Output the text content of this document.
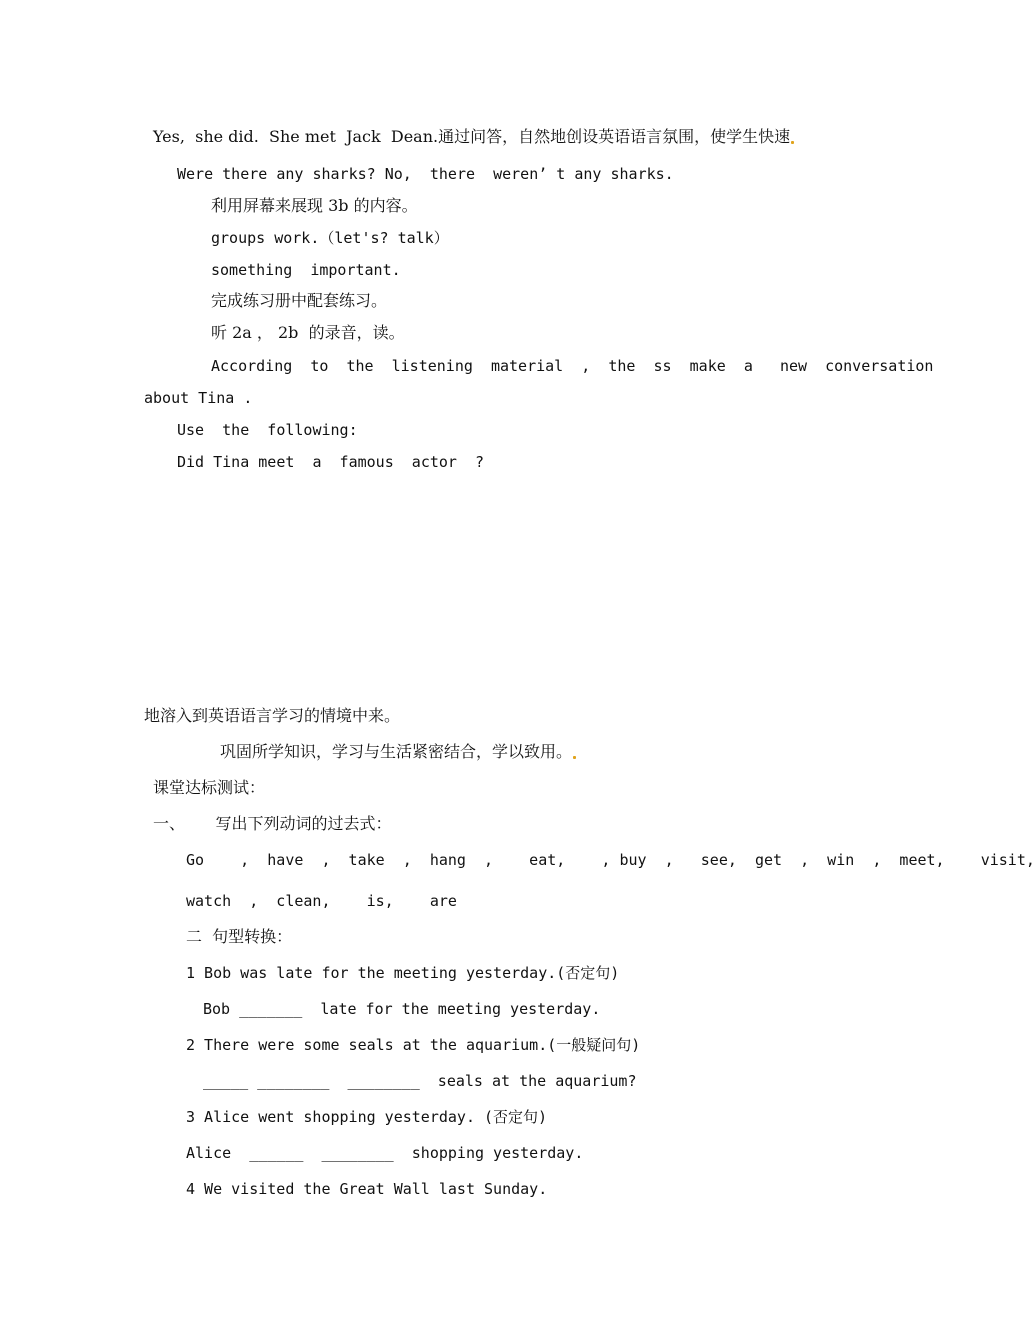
Yes,  she did.  She met  Jack  Dean.通过问答，自然地创设英语语言氛围，使学生快速
Were there any sharks? No,  there  weren’ t any sharks.
利用屏幕来展现 3b 的内容。
groups work.（let's? talk）
something  important.
完成练习册中配套练习。
听 2a ， 2b  的录音，读。
According  to  the  listening  material  ,  the  ss  make  a   new  conversation
about Tina .
Use  the  following:
Did Tina meet  a  famous  actor  ?
地溶入到英语语言学习的情境中来。
巩固所学知识，学习与生活紧密结合，学以致用。
课堂达标测试：
一、      写出下列动词的过去式：
Go    ,  have  ,  take  ,  hang  ,    eat,    , buy  ,   see,  get  ,  win  ,  meet,    visit,
watch  ,  clean,    is,    are
二  句型转换：
1 Bob was late for the meeting yesterday.(否定句)
Bob _______  late for the meeting yesterday.
2 There were some seals at the aquarium.(一般疑问句)
_____ ________  ________  seals at the aquarium?
3 Alice went shopping yesterday. (否定句)
Alice  ______  ________  shopping yesterday.
4 We visited the Great Wall last Sunday.
